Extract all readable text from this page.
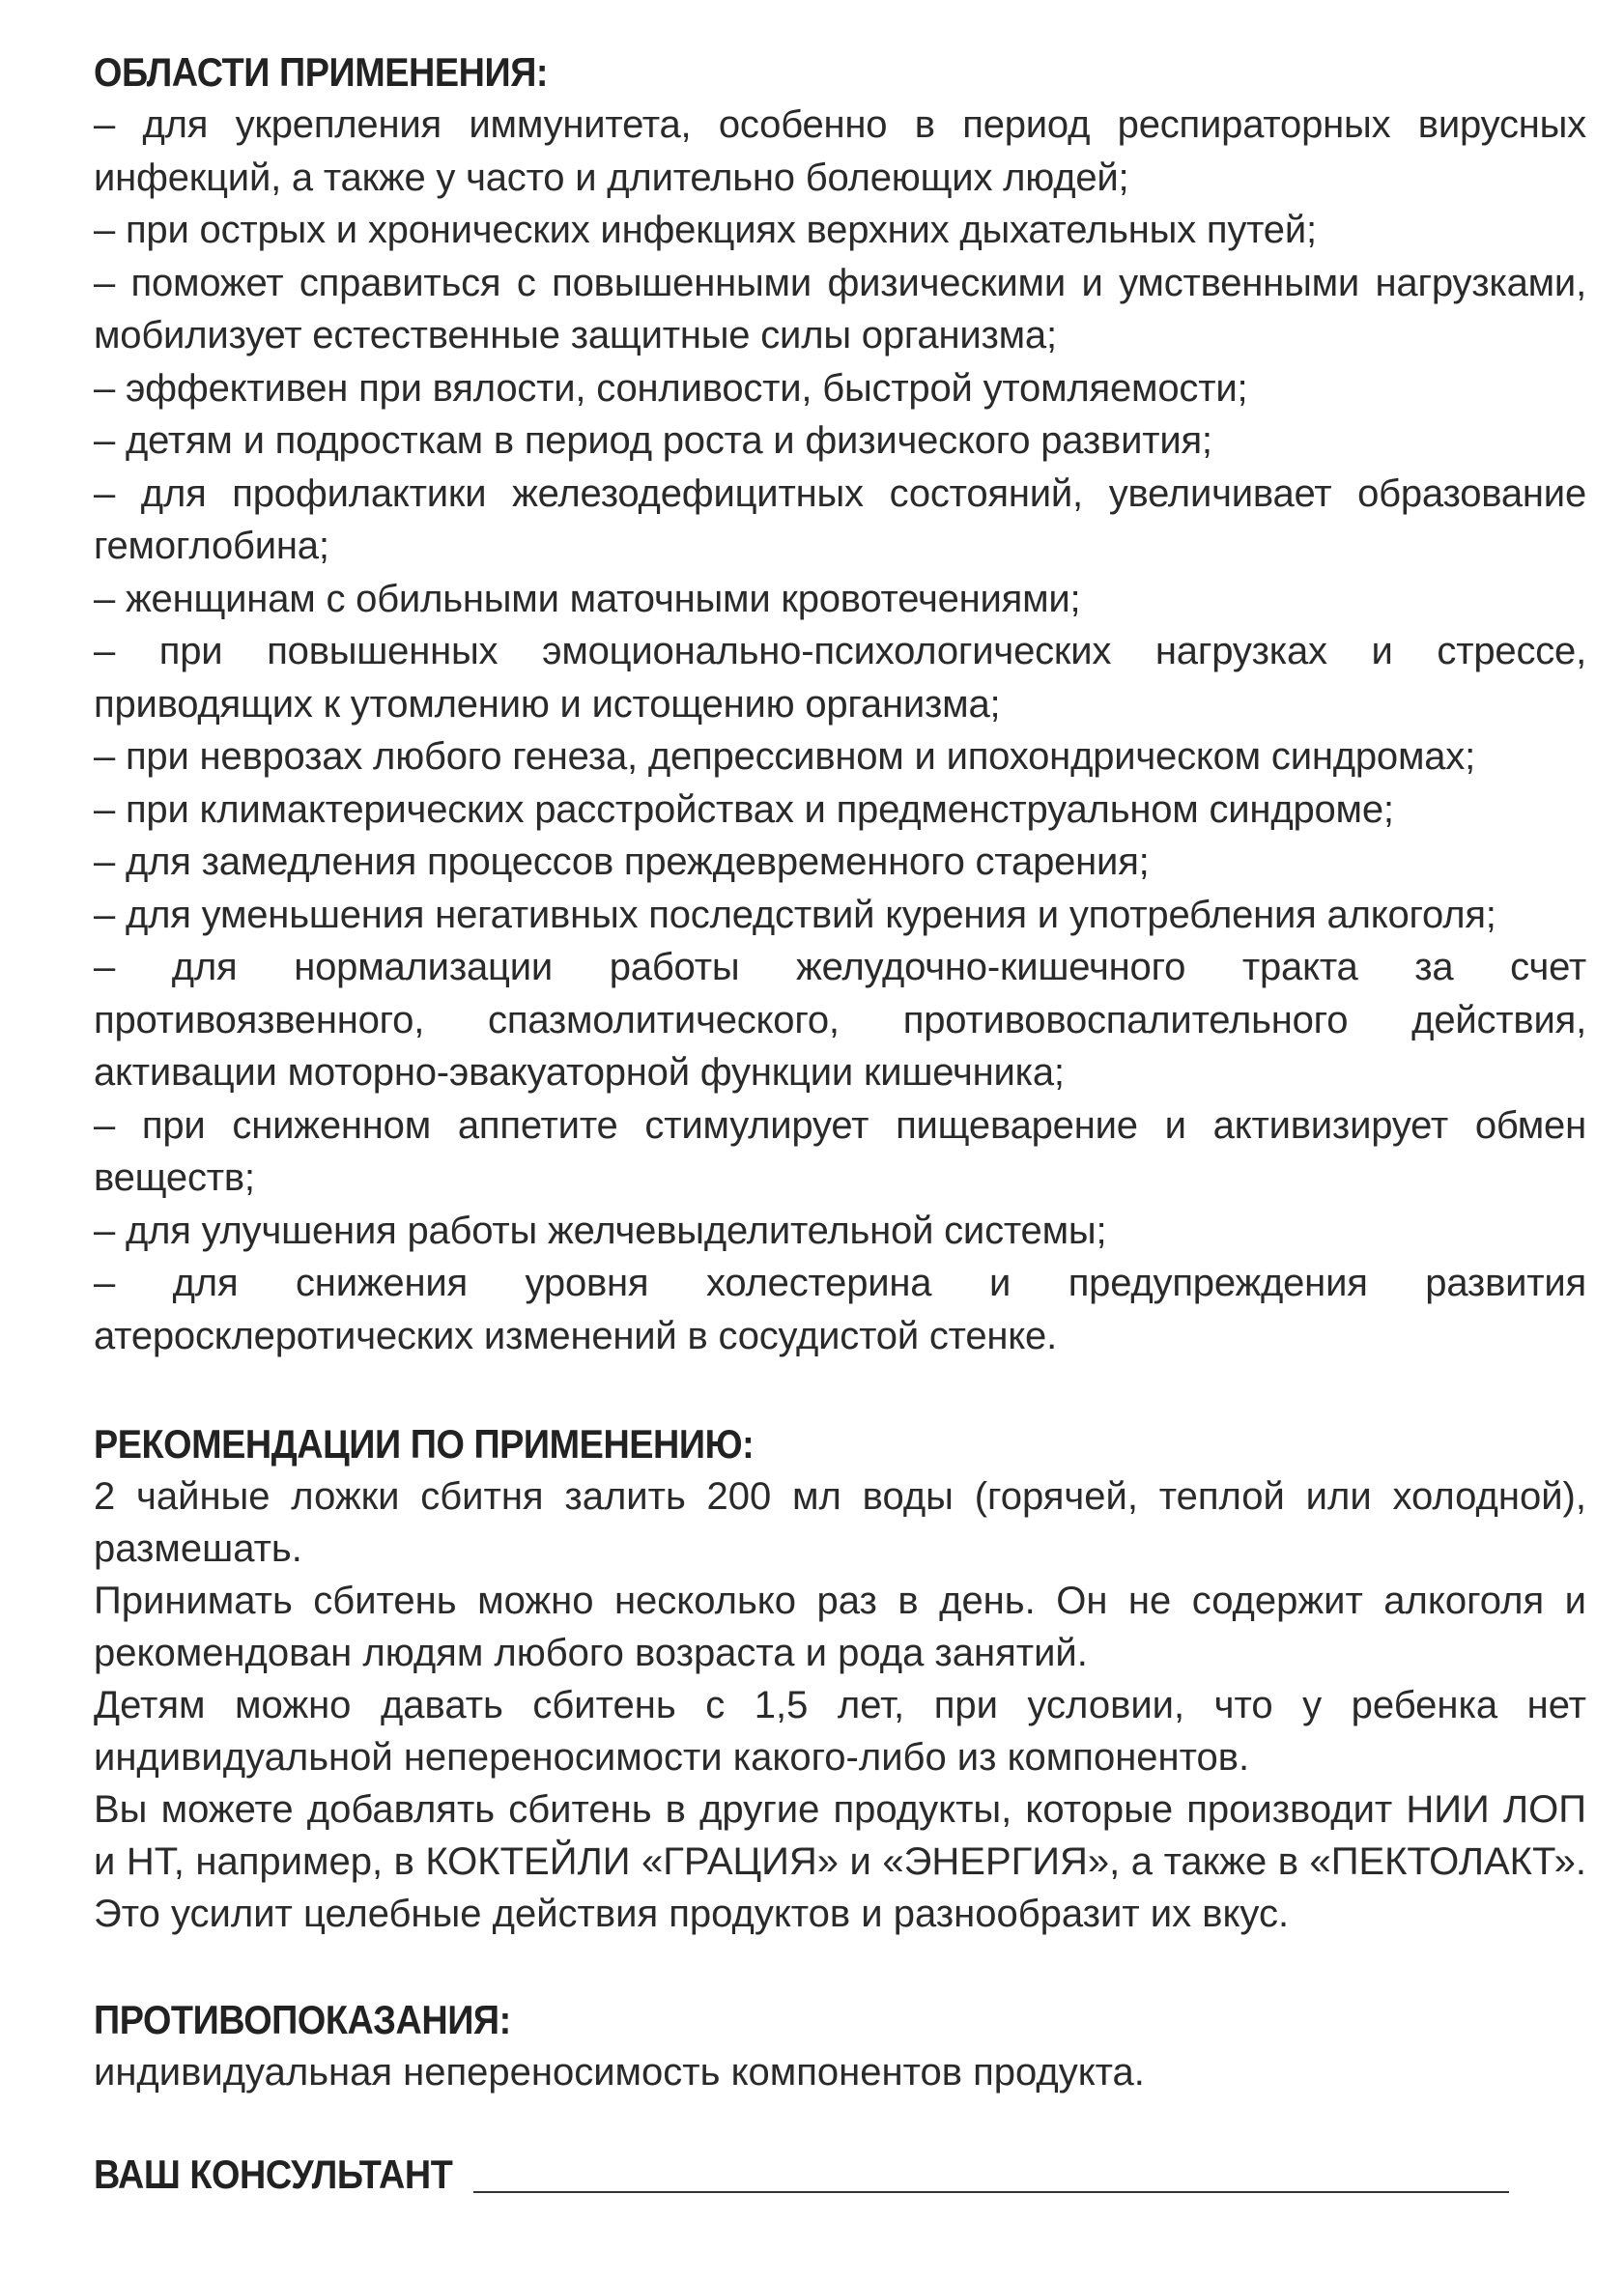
ОБЛАСТИ ПРИМЕНЕНИЯ:

– для укрепления иммунитета, особенно в период респираторных вирусных инфекций, а также у часто и длительно болеющих людей;

– при острых и хронических инфекциях верхних дыхательных путей;

– поможет справиться с повышенными физическими и умственными нагрузками, мобилизует естественные защитные силы организма;

– эффективен при вялости, сонливости, быстрой утомляемости;

– детям и подросткам в период роста и физического развития;

– для профилактики железодефицитных состояний, увеличивает образование гемоглобина;

– женщинам с обильными маточными кровотечениями;

– при повышенных эмоционально-психологических нагрузках и стрессе, приводящих к утомлению и истощению организма;

– при неврозах любого генеза, депрессивном и ипохондрическом синдромах;

– при климактерических расстройствах и предменструальном синдроме;

– для замедления процессов преждевременного старения;

– для уменьшения негативных последствий курения и употребления алкоголя;

– для нормализации работы желудочно-кишечного тракта за счет противоязвенного, спазмолитического, противовоспалительного действия, активации моторно-эвакуаторной функции кишечника;

– при сниженном аппетите стимулирует пищеварение и активизирует обмен веществ;

– для улучшения работы желчевыделительной системы;

– для снижения уровня холестерина и предупреждения развития атеросклеротических изменений в сосудистой стенке.

РЕКОМЕНДАЦИИ ПО ПРИМЕНЕНИЮ:

2 чайные ложки сбитня залить 200 мл воды (горячей, теплой или холодной), размешать.

Принимать сбитень можно несколько раз в день. Он не содержит алкоголя и рекомендован людям любого возраста и рода занятий.

Детям можно давать сбитень с 1,5 лет, при условии, что у ребенка нет индивидуальной непереносимости какого-либо из компонентов.

Вы можете добавлять сбитень в другие продукты, которые производит НИИ ЛОП и НТ, например, в КОКТЕЙЛИ «ГРАЦИЯ» и «ЭНЕРГИЯ», а также в «ПЕКТОЛАКТ». Это усилит целебные действия продуктов и разнообразит их вкус.

ПРОТИВОПОКАЗАНИЯ:

индивидуальная непереносимость компонентов продукта.

ВАШ КОНСУЛЬТАНТ
